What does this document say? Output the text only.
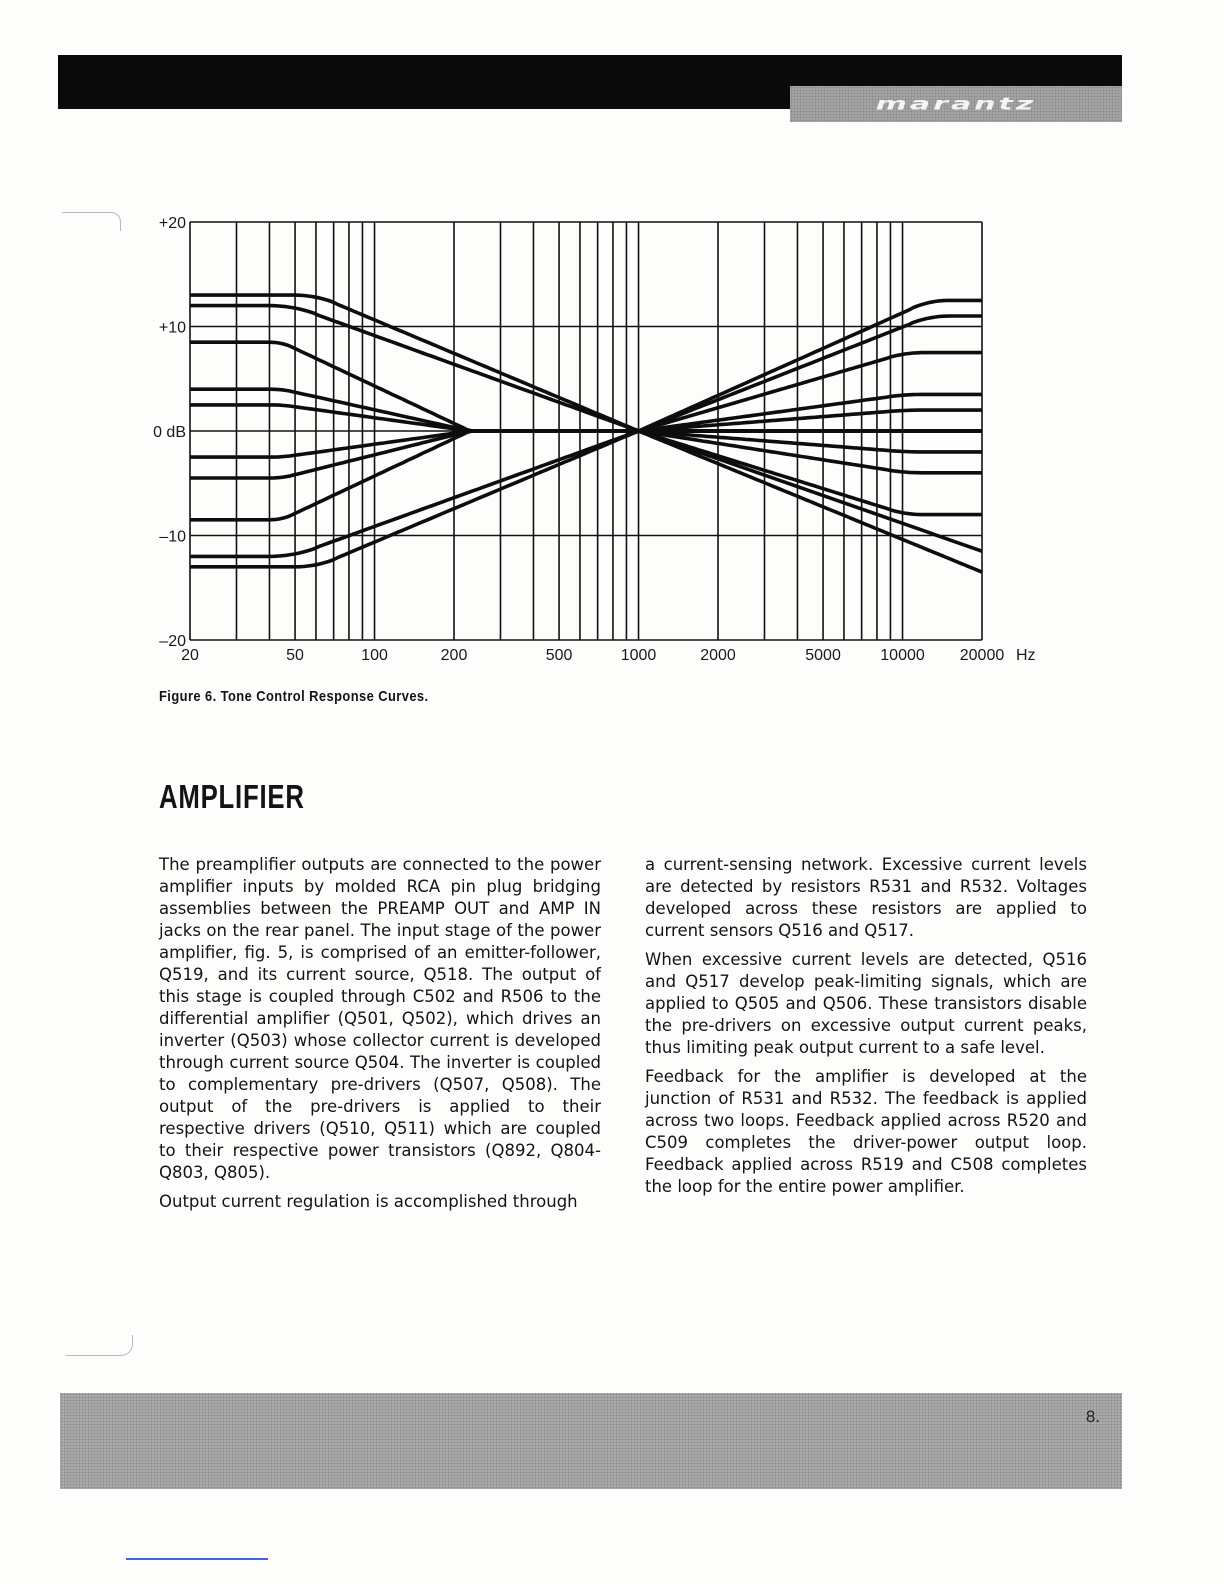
marantz
+20
+10
0 dB
–10
–20
20	50	100	200	500	1000	2000	5000 10000 20000 Hz
Figure 6. Tone Control Response Curves.
AMPLIFIER

The preamplifier outputs are connected to the power amplifier inputs by molded RCA pin plug bridging assemblies between the PREAMP OUT and AMP IN jacks on the rear panel. The input stage of the power amplifier, fig. 5, is comprised of an emitter-follower, Q519, and its current source, Q518. The output of this stage is coupled through C502 and R506 to the differential amplifier (Q501, Q502), which drives an inverter (Q503) whose collector current is developed through current source Q504. The inverter is coupled to complementary pre-drivers (Q507, Q508). The output of the pre-drivers is applied to their respective drivers (Q510, Q511) which are coupled to their respective power transistors (Q892, Q804-Q803, Q805).

Output current regulation is accomplished through

a current-sensing network. Excessive current levels are detected by resistors R531 and R532. Voltages developed across these resistors are applied to current sensors Q516 and Q517.

When excessive current levels are detected, Q516 and Q517 develop peak-limiting signals, which are applied to Q505 and Q506. These transistors disable the pre-drivers on excessive output current peaks, thus limiting peak output current to a safe level.

Feedback for the amplifier is developed at the junction of R531 and R532. The feedback is applied across two loops. Feedback applied across R520 and C509 completes the driver-power output loop. Feedback applied across R519 and C508 completes the loop for the entire power amplifier.

8.
